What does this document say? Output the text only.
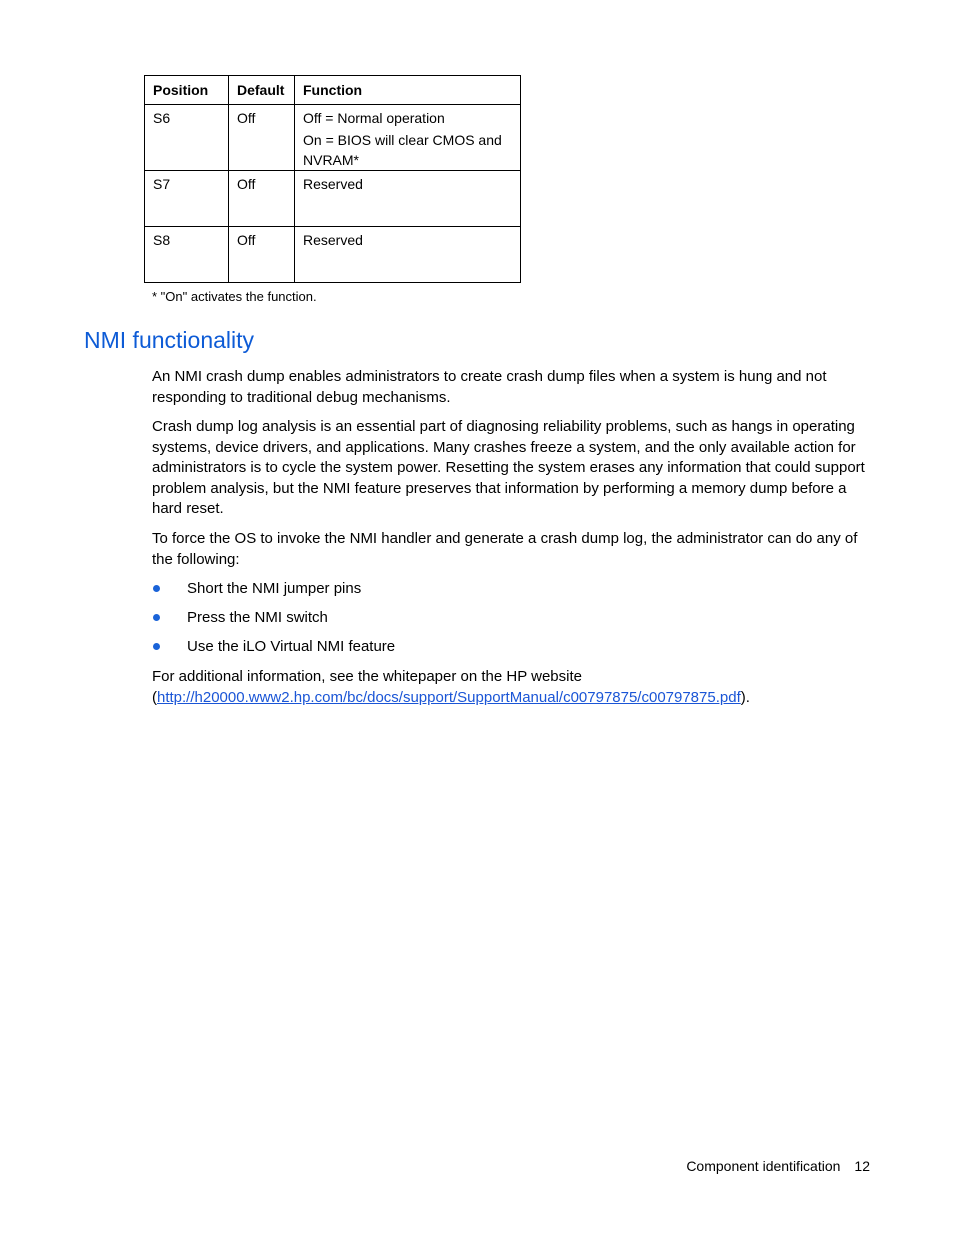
Position	Default	Function
S6	Off	Off = Normal operation
On = BIOS will clear CMOS and NVRAM*

S7	Off	Reserved

S8	Off	Reserved
* "On" activates the function.
NMI functionality

An NMI crash dump enables administrators to create crash dump files when a system is hung and not responding to traditional debug mechanisms.

Crash dump log analysis is an essential part of diagnosing reliability problems, such as hangs in operating systems, device drivers, and applications. Many crashes freeze a system, and the only available action for administrators is to cycle the system power. Resetting the system erases any information that could support problem analysis, but the NMI feature preserves that information by performing a memory dump before a hard reset.

To force the OS to invoke the NMI handler and generate a crash dump log, the administrator can do any of the following:

Short the NMI jumper pins
Press the NMI switch
Use the iLO Virtual NMI feature

For additional information, see the whitepaper on the HP website
(http://h20000.www2.hp.com/bc/docs/support/SupportManual/c00797875/c00797875.pdf).

Component identification 12
